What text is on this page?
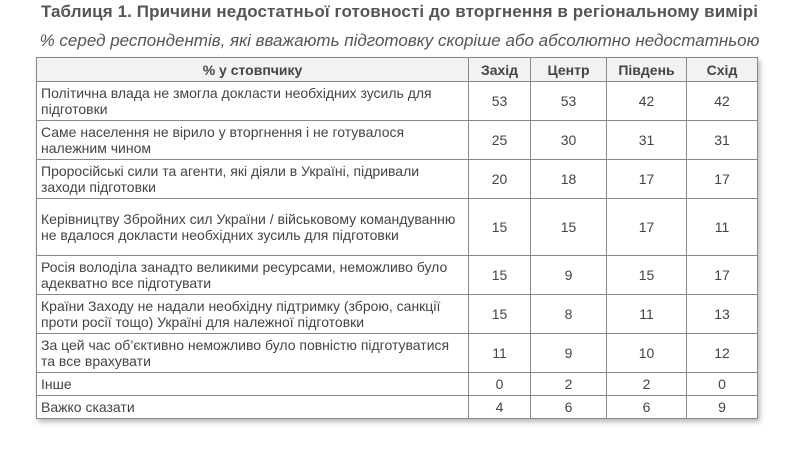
Таблиця 1. Причини недостатньої готовності до вторгнення в регіональному вимірі
% серед респондентів, які вважають підготовку скоріше або абсолютно недостатньою
% у стовпчику	Захід	Центр	Південь	Схід
Політична влада не змогла докласти необхідних зусиль для підготовки	53	53	42	42
Саме населення не вірило у вторгнення і не готувалося належним чином	25	30	31	31
Проросійські сили та агенти, які діяли в Україні, підривали заходи підготовки	20	18	17	17
Керівництву Збройних сил України / військовому командуванню не вдалося докласти необхідних зусиль для підготовки	15	15	17	11
Росія володіла занадто великими ресурсами, неможливо було адекватно все підготувати	15	9	15	17
Країни Заходу не надали необхідну підтримку (зброю, санкції проти росії тощо) Україні для належної підготовки	15	8	11	13
За цей час об’єктивно неможливо було повністю підготуватися та все врахувати	11	9	10	12
Інше	0	2	2	0
Важко сказати	4	6	6	9
